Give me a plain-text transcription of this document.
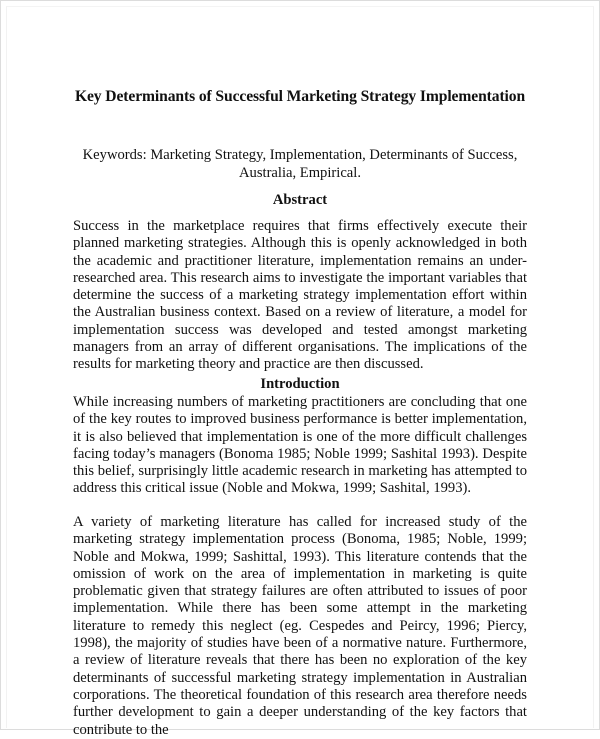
Key Determinants of Successful Marketing Strategy Implementation
Keywords: Marketing Strategy, Implementation, Determinants of Success, Australia, Empirical.
Abstract

Success in the marketplace requires that firms effectively execute their planned marketing strategies. Although this is openly acknowledged in both the academic and practitioner literature, implementation remains an under-researched area. This research aims to investigate the important variables that determine the success of a marketing strategy implementation effort within the Australian business context. Based on a review of literature, a model for implementation success was developed and tested amongst marketing managers from an array of different organisations. The implications of the results for marketing theory and practice are then discussed.

Introduction

While increasing numbers of marketing practitioners are concluding that one of the key routes to improved business performance is better implementation, it is also believed that implementation is one of the more difficult challenges facing today’s managers (Bonoma 1985; Noble 1999; Sashital 1993). Despite this belief, surprisingly little academic research in marketing has attempted to address this critical issue (Noble and Mokwa, 1999; Sashital, 1993).

A variety of marketing literature has called for increased study of the marketing strategy implementation process (Bonoma, 1985; Noble, 1999; Noble and Mokwa, 1999; Sashittal, 1993). This literature contends that the omission of work on the area of implementation in marketing is quite problematic given that strategy failures are often attributed to issues of poor implementation. While there has been some attempt in the marketing literature to remedy this neglect (eg. Cespedes and Peircy, 1996; Piercy, 1998), the majority of studies have been of a normative nature. Furthermore, a review of literature reveals that there has been no exploration of the key determinants of successful marketing strategy implementation in Australian corporations. The theoretical foundation of this research area therefore needs further development to gain a deeper understanding of the key factors that contribute to the
